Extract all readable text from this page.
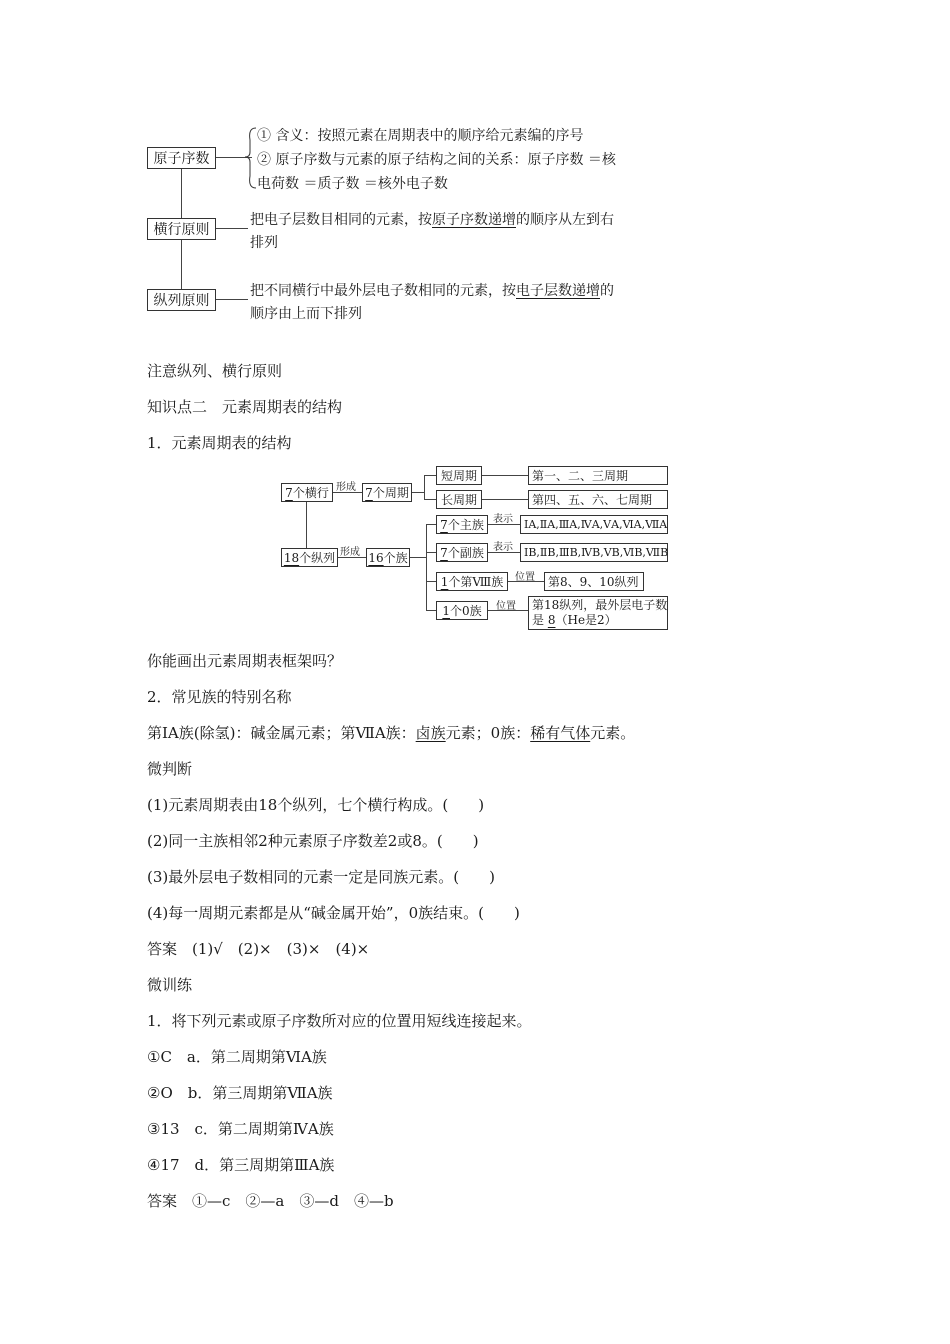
原子序数
横行原则
纵列原则
① 含义：按照元素在周期表中的顺序给元素编的序号
② 原子序数与元素的原子结构之间的关系：原子序数 ＝核
电荷数 ＝质子数 ＝核外电子数
把电子层数目相同的元素，按原子序数递增的顺序从左到右
排列
把不同横行中最外层电子数相同的元素，按电子层数递增的
顺序由上而下排列
注意纵列、横行原则
知识点二　元素周期表的结构
1．元素周期表的结构
7 个横行
18 个纵列
形成
形成
7 个周期
16 个族
短周期
长周期
第一、二、三周期
第四、五、六、七周期
7 个主族
7 个副族
1 个第Ⅷ族
1 个0族
表示
表示
位置
位置
ⅠA,ⅡA,ⅢA,ⅣA,ⅤA,ⅥA,ⅦA
ⅠB,ⅡB,ⅢB,ⅣB,ⅤB,ⅥB,ⅦB
第8、9、10纵列
第18纵列，最外层电子数
是 8（He是2）
你能画出元素周期表框架吗？
2．常见族的特别名称
第ⅠA族(除氢)：碱金属元素；第ⅦA族：卤族元素；0族：稀有气体元素。
微判断
(1)元素周期表由18个纵列，七个横行构成。(　　)
(2)同一主族相邻2种元素原子序数差2或8。(　　)
(3)最外层电子数相同的元素一定是同族元素。(　　)
(4)每一周期元素都是从“碱金属开始”，0族结束。(　　)
答案　(1)√　(2)×　(3)×　(4)×
微训练
1．将下列元素或原子序数所对应的位置用短线连接起来。
①C　a．第二周期第ⅥA族
②O　b．第三周期第ⅦA族
③13　c．第二周期第ⅣA族
④17　d．第三周期第ⅢA族
答案　①—c　②—a　③—d　④—b
